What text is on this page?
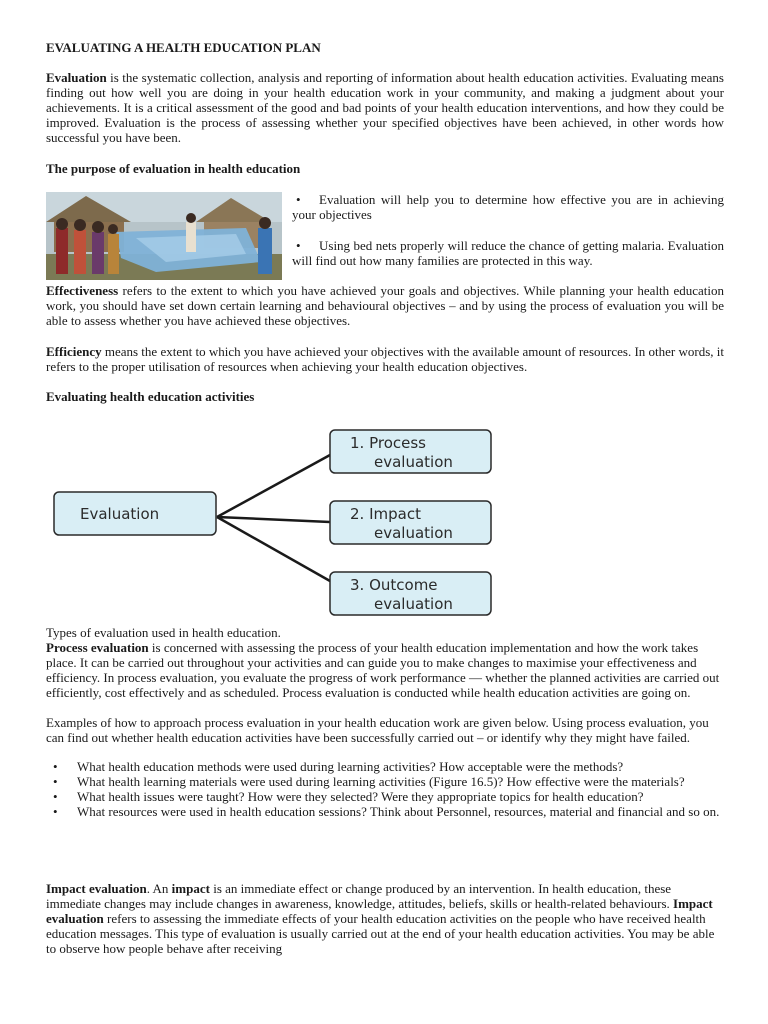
EVALUATING A HEALTH EDUCATION PLAN

Evaluation is the systematic collection, analysis and reporting of information about health education activities. Evaluating means finding out how well you are doing in your health education work in your community, and making a judgment about your achievements. It is a critical assessment of the good and bad points of your health education interventions, and how they could be improved. Evaluation is the process of assessing whether your specified objectives have been achieved, in other words how successful you have been.

The purpose of evaluation in health education

• Evaluation will help you to determine how effective you are in achieving your objectives

• Using bed nets properly will reduce the chance of getting malaria. Evaluation will find out how many families are protected in this way.

Effectiveness refers to the extent to which you have achieved your goals and objectives. While planning your health education work, you should have set down certain learning and behavioural objectives – and by using the process of evaluation you will be able to assess whether you have achieved these objectives.

Efficiency means the extent to which you have achieved your objectives with the available amount of resources. In other words, it refers to the proper utilisation of resources when achieving your health education objectives.

Evaluating health education activities

Evaluation
1. Process
evaluation
2. Impact
evaluation
3. Outcome
evaluation

Types of evaluation used in health education.

Process evaluation is concerned with assessing the process of your health education implementation and how the work takes place. It can be carried out throughout your activities and can guide you to make changes to maximise your effectiveness and efficiency. In process evaluation, you evaluate the progress of work performance — whether the planned activities are carried out efficiently, cost effectively and as scheduled. Process evaluation is conducted while health education activities are going on.

Examples of how to approach process evaluation in your health education work are given below. Using process evaluation, you can find out whether health education activities have been successfully carried out – or identify why they might have failed.

• What health education methods were used during learning activities? How acceptable were the methods?
• What health learning materials were used during learning activities (Figure 16.5)? How effective were the materials?
• What health issues were taught? How were they selected? Were they appropriate topics for health education?
• What resources were used in health education sessions? Think about Personnel, resources, material and financial and so on.

Impact evaluation. An impact is an immediate effect or change produced by an intervention. In health education, these immediate changes may include changes in awareness, knowledge, attitudes, beliefs, skills or health-related behaviours. Impact evaluation refers to assessing the immediate effects of your health education activities on the people who have received health education messages. This type of evaluation is usually carried out at the end of your health education activities. You may be able to observe how people behave after receiving
